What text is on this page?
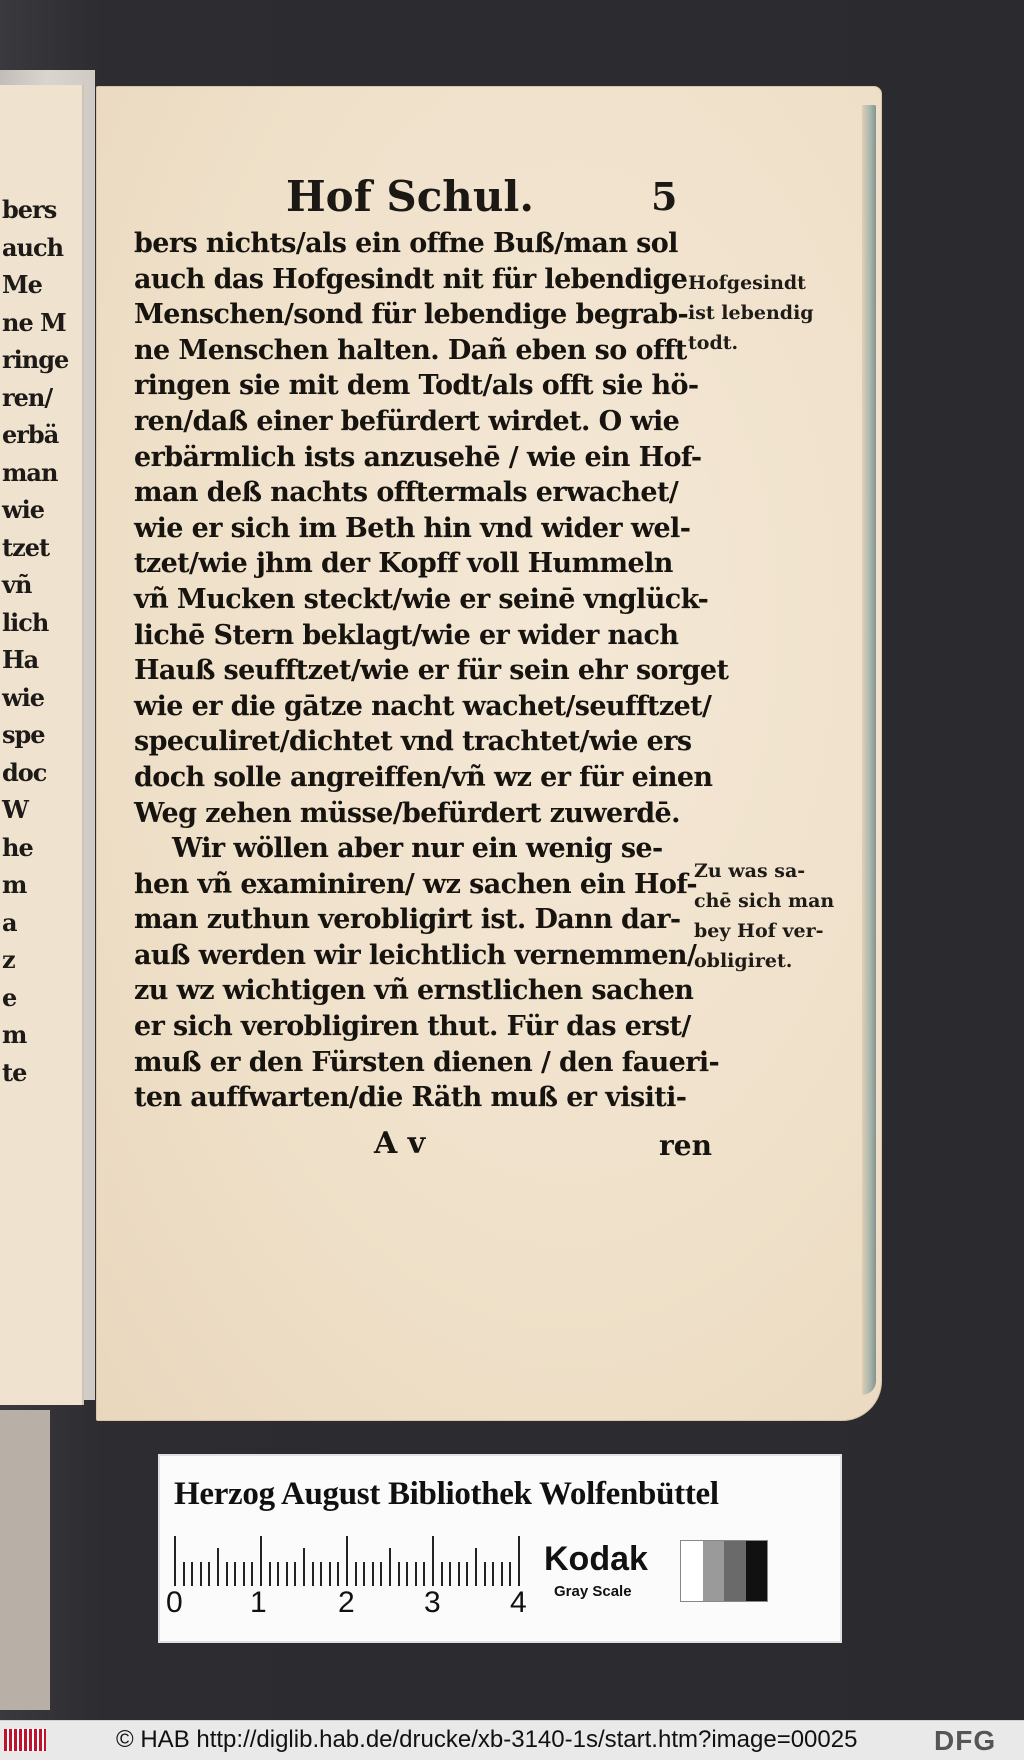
bers
auch
Me
ne M
ringe
ren/
erbä
man
wie
tzet
vñ
lich
Ha
wie
spe
doc
W
he
m
a
z
e
m
te
Hof Schul.	5
bers nichts/als ein offne Buß/man sol
auch das Hofgesindt nit für lebendige
Menschen/sond für lebendige begrab-
ne Menschen halten. Dañ eben so offt
ringen sie mit dem Todt/als offt sie hö-
ren/daß einer befürdert wirdet. O wie
erbärmlich ists anzusehē / wie ein Hof-
man deß nachts offtermals erwachet/
wie er sich im Beth hin vnd wider wel-
tzet/wie jhm der Kopff voll Hummeln
vñ Mucken steckt/wie er seinē vnglück-
lichē Stern beklagt/wie er wider nach
Hauß seufftzet/wie er für sein ehr sorget
wie er die gātze nacht wachet/seufftzet/
speculiret/dichtet vnd trachtet/wie ers
doch solle angreiffen/vñ wz er für einen
Weg zehen müsse/befürdert zuwerdē.
Wir wöllen aber nur ein wenig se-
hen vñ examiniren/ wz sachen ein Hof-
man zuthun verobligirt ist. Dann dar-
auß werden wir leichtlich vernemmen/
zu wz wichtigen vñ ernstlichen sachen
er sich verobligiren thut. Für das erst/
muß er den Fürsten dienen / den faueri-
ten auffwarten/die Räth muß er visiti-
Hofgesindt
ist lebendig
todt.
Zu was sa-
chē sich man
bey Hof ver-
obligiret.
A v	ren
Herzog August Bibliothek Wolfenbüttel
0 1 2 3 4
Kodak
Gray Scale
© HAB http://diglib.hab.de/drucke/xb-3140-1s/start.htm?image=00025	DFG
